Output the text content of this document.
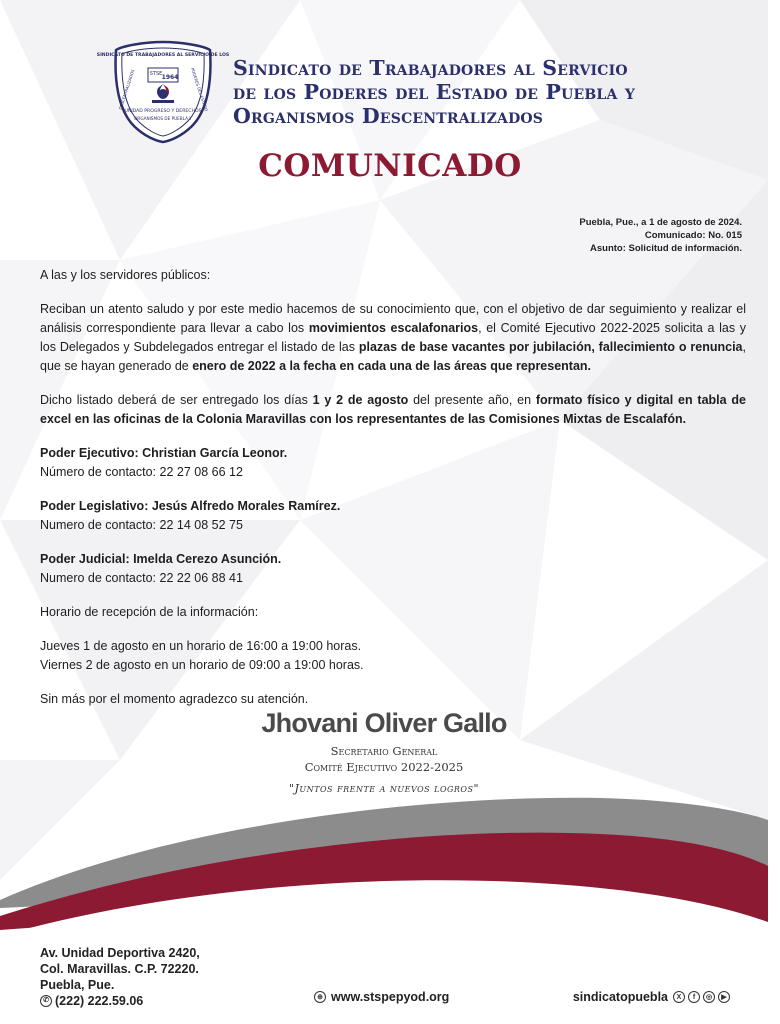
SINDICATO DE TRABAJADORES AL SERVICIO DE LOS
STSE 1964
UNIDAD PROGRESO Y DERECHOS
ORGANISMOS DE PUEBLA Y
DESCENTRALIZADOS	PODERES DEL ESTADO Sindicato de Trabajadores al Servicio
de los Poderes del Estado de Puebla y
Organismos Descentralizados
COMUNICADO
Puebla, Pue., a 1 de agosto de 2024.
Comunicado: No. 015
Asunto: Solicitud de información.

A las y los servidores públicos:

Reciban un atento saludo y por este medio hacemos de su conocimiento que, con el objetivo de dar seguimiento y realizar el análisis correspondiente para llevar a cabo los movimientos escalafonarios, el Comité Ejecutivo 2022-2025 solicita a las y los Delegados y Subdelegados entregar el listado de las plazas de base vacantes por jubilación, fallecimiento o renuncia, que se hayan generado de enero de 2022 a la fecha en cada una de las áreas que representan.

Dicho listado deberá de ser entregado los días 1 y 2 de agosto del presente año, en formato físico y digital en tabla de excel en las oficinas de la Colonia Maravillas con los representantes de las Comisiones Mixtas de Escalafón.

Poder Ejecutivo: Christian García Leonor.
Número de contacto: 22 27 08 66 12

Poder Legislativo: Jesús Alfredo Morales Ramírez.
Numero de contacto: 22 14 08 52 75

Poder Judicial: Imelda Cerezo Asunción.
Numero de contacto: 22 22 06 88 41

Horario de recepción de la información:

Jueves 1 de agosto en un horario de 16:00 a 19:00 horas.
Viernes 2 de agosto en un horario de 09:00 a 19:00 horas.

Sin más por el momento agradezco su atención.

Jhovani Oliver Gallo
Secretario General
Comité Ejecutivo 2022-2025
"Juntos frente a nuevos logros"
Av. Unidad Deportiva 2420,
Col. Maravillas. C.P. 72220.
Puebla, Pue.
✆ (222) 222.59.06	⊕ www.stspepyod.org	sindicatopuebla	X	f	◎	▶
